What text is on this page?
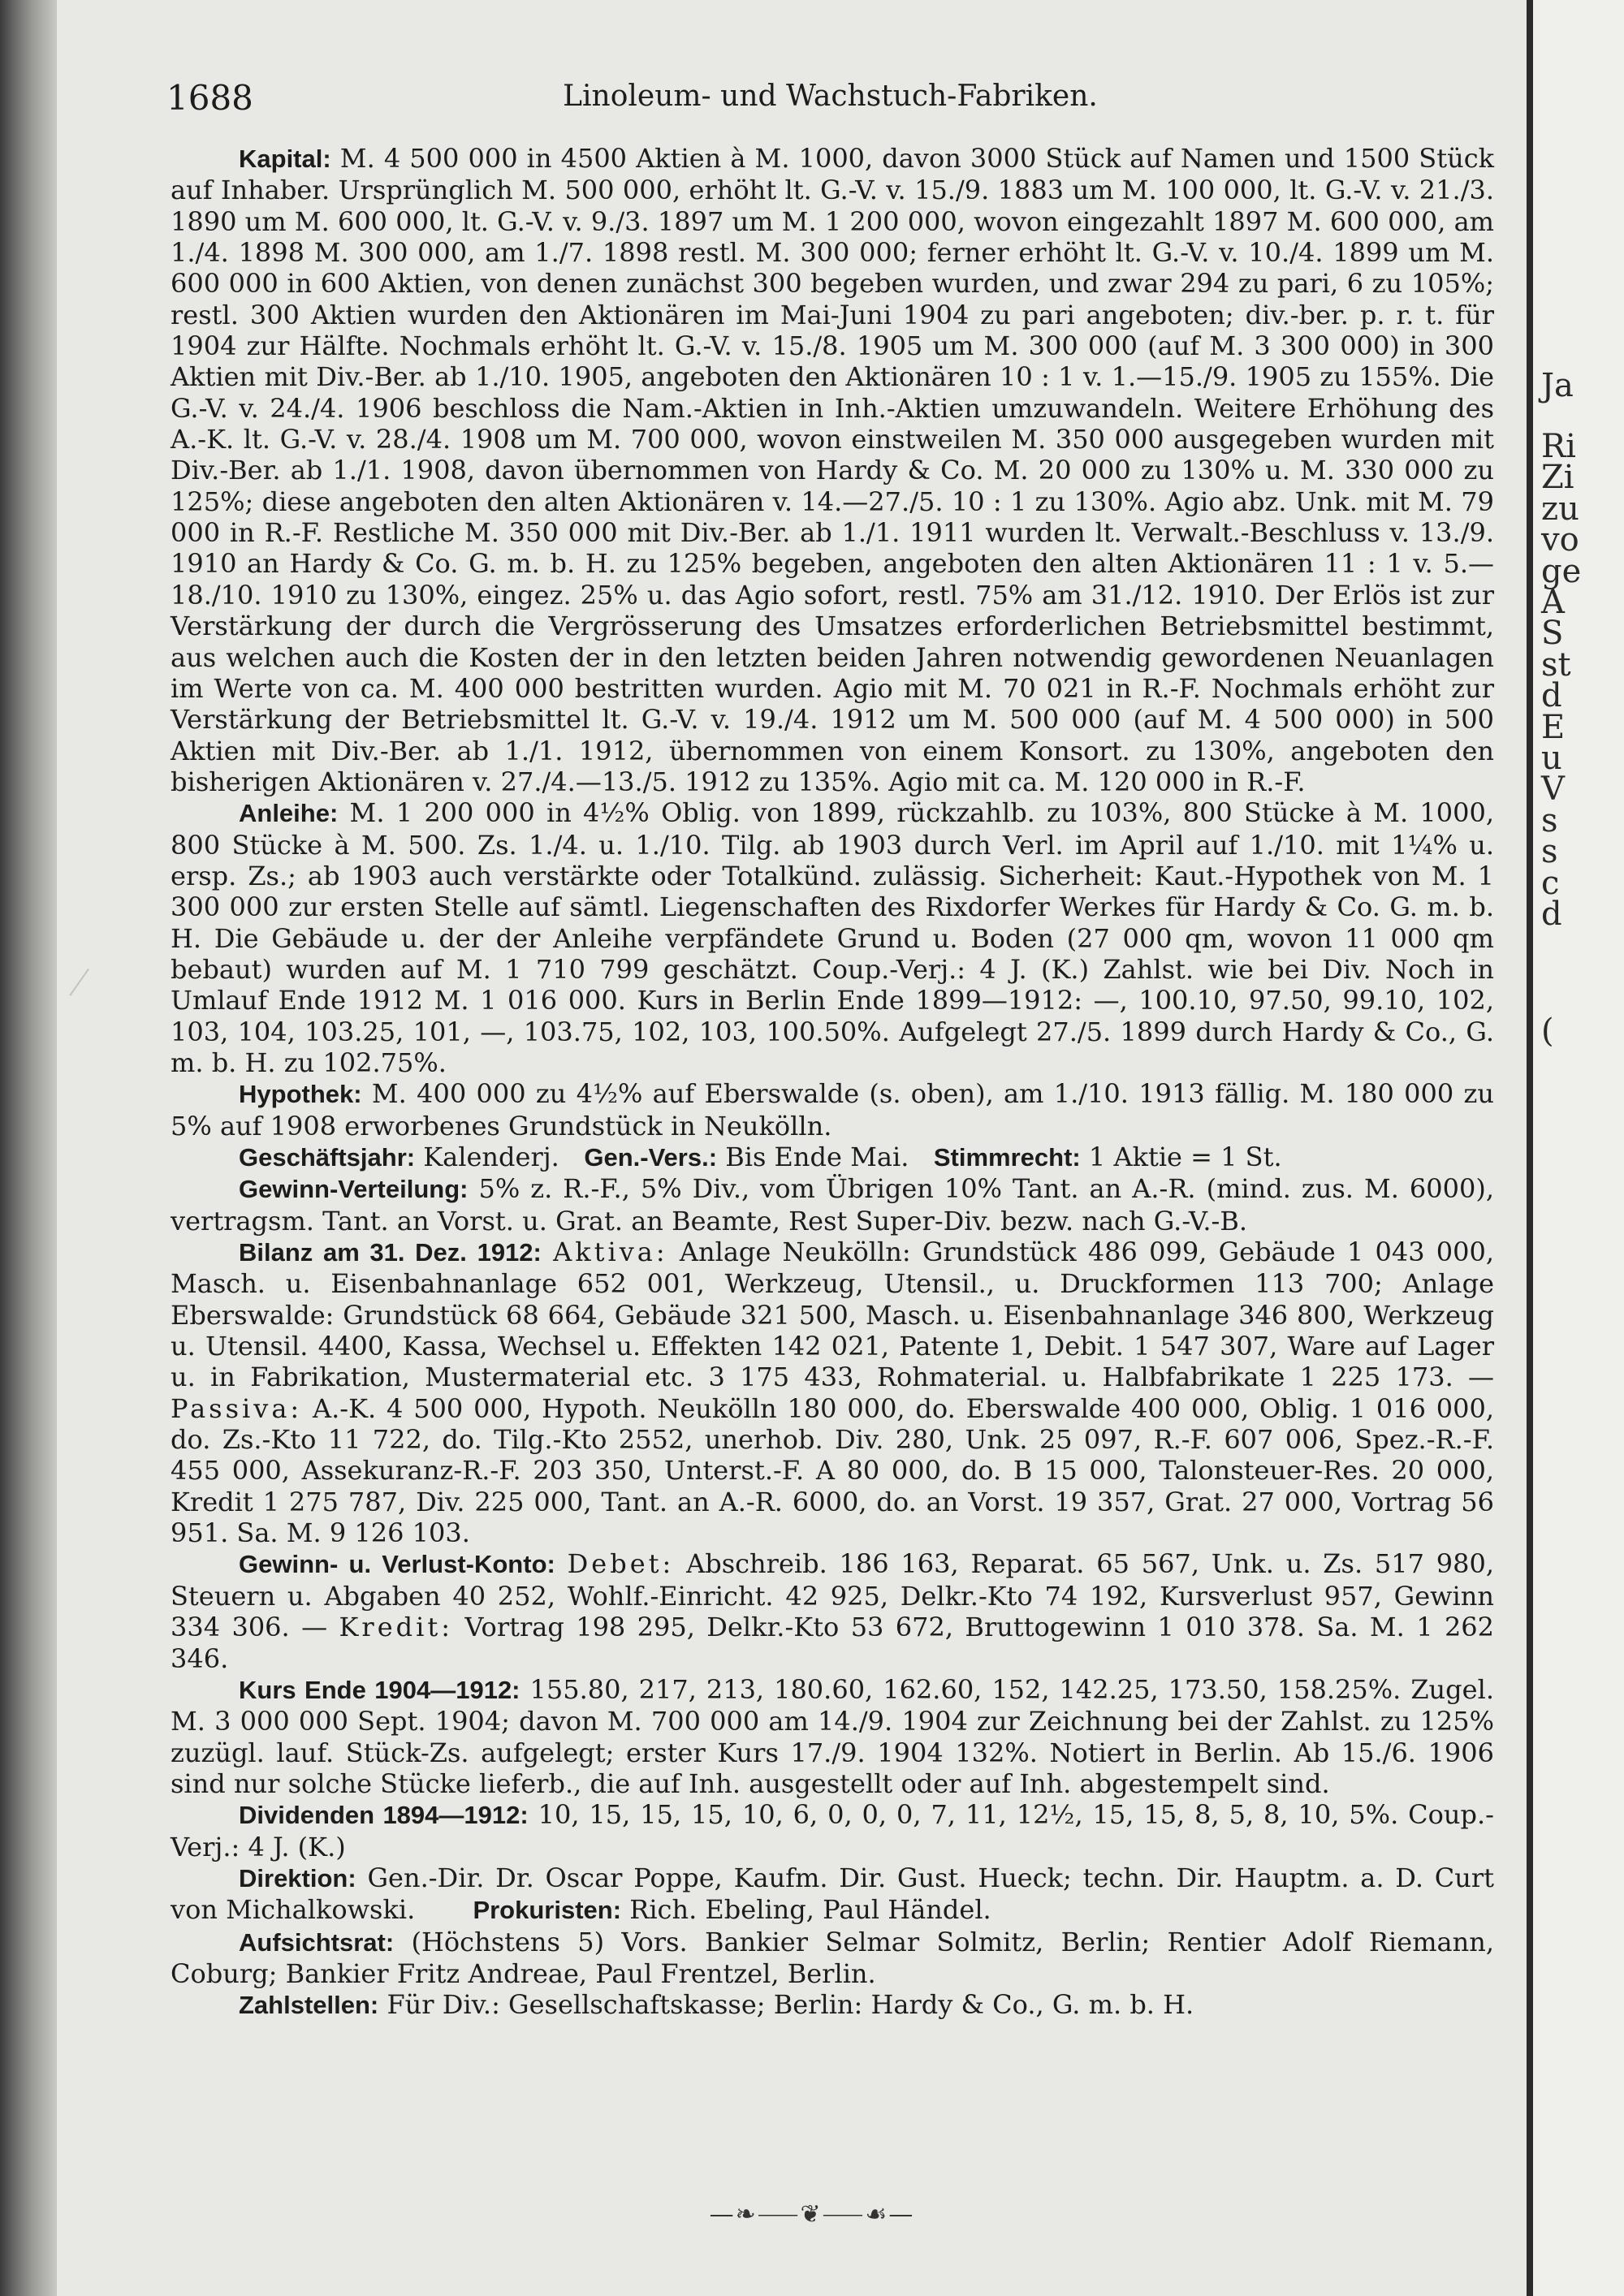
Ja
Ri
Zi
zu
vo
ge
A
S
st
d
E
u
V
s
s
c
d
(
1688	Linoleum- und Wachstuch-Fabriken.

Kapital: M. 4 500 000 in 4500 Aktien à M. 1000, davon 3000 Stück auf Namen und 1500 Stück auf Inhaber. Ursprünglich M. 500 000, erhöht lt. G.-V. v. 15./9. 1883 um M. 100 000, lt. G.-V. v. 21./3. 1890 um M. 600 000, lt. G.-V. v. 9./3. 1897 um M. 1 200 000, wovon eingezahlt 1897 M. 600 000, am 1./4. 1898 M. 300 000, am 1./7. 1898 restl. M. 300 000; ferner erhöht lt. G.-V. v. 10./4. 1899 um M. 600 000 in 600 Aktien, von denen zunächst 300 begeben wurden, und zwar 294 zu pari, 6 zu 105%; restl. 300 Aktien wurden den Aktionären im Mai-Juni 1904 zu pari angeboten; div.-ber. p. r. t. für 1904 zur Hälfte. Nochmals erhöht lt. G.-V. v. 15./8. 1905 um M. 300 000 (auf M. 3 300 000) in 300 Aktien mit Div.-Ber. ab 1./10. 1905, angeboten den Aktionären 10 : 1 v. 1.—15./9. 1905 zu 155%. Die G.-V. v. 24./4. 1906 beschloss die Nam.-Aktien in Inh.-Aktien umzuwandeln. Weitere Erhöhung des A.-K. lt. G.-V. v. 28./4. 1908 um M. 700 000, wovon einstweilen M. 350 000 ausgegeben wurden mit Div.-Ber. ab 1./1. 1908, davon übernommen von Hardy & Co. M. 20 000 zu 130% u. M. 330 000 zu 125%; diese angeboten den alten Aktionären v. 14.—27./5. 10 : 1 zu 130%. Agio abz. Unk. mit M. 79 000 in R.-F. Restliche M. 350 000 mit Div.-Ber. ab 1./1. 1911 wurden lt. Verwalt.-Beschluss v. 13./9. 1910 an Hardy & Co. G. m. b. H. zu 125% begeben, angeboten den alten Aktionären 11 : 1 v. 5.—18./10. 1910 zu 130%, eingez. 25% u. das Agio sofort, restl. 75% am 31./12. 1910. Der Erlös ist zur Verstärkung der durch die Vergrösserung des Umsatzes erforderlichen Betriebsmittel bestimmt, aus welchen auch die Kosten der in den letzten beiden Jahren notwendig gewordenen Neuanlagen im Werte von ca. M. 400 000 bestritten wurden. Agio mit M. 70 021 in R.-F. Nochmals erhöht zur Verstärkung der Betriebsmittel lt. G.-V. v. 19./4. 1912 um M. 500 000 (auf M. 4 500 000) in 500 Aktien mit Div.-Ber. ab 1./1. 1912, übernommen von einem Konsort. zu 130%, angeboten den bisherigen Aktionären v. 27./4.—13./5. 1912 zu 135%. Agio mit ca. M. 120 000 in R.-F.

Anleihe: M. 1 200 000 in 4½% Oblig. von 1899, rückzahlb. zu 103%, 800 Stücke à M. 1000, 800 Stücke à M. 500. Zs. 1./4. u. 1./10. Tilg. ab 1903 durch Verl. im April auf 1./10. mit 1¼% u. ersp. Zs.; ab 1903 auch verstärkte oder Totalkünd. zulässig. Sicherheit: Kaut.-Hypothek von M. 1 300 000 zur ersten Stelle auf sämtl. Liegenschaften des Rixdorfer Werkes für Hardy & Co. G. m. b. H. Die Gebäude u. der der Anleihe verpfändete Grund u. Boden (27 000 qm, wovon 11 000 qm bebaut) wurden auf M. 1 710 799 geschätzt. Coup.-Verj.: 4 J. (K.) Zahlst. wie bei Div. Noch in Umlauf Ende 1912 M. 1 016 000. Kurs in Berlin Ende 1899—1912: —, 100.10, 97.50, 99.10, 102, 103, 104, 103.25, 101, —, 103.75, 102, 103, 100.50%. Aufgelegt 27./5. 1899 durch Hardy & Co., G. m. b. H. zu 102.75%.

Hypothek: M. 400 000 zu 4½% auf Eberswalde (s. oben), am 1./10. 1913 fällig. M. 180 000 zu 5% auf 1908 erworbenes Grundstück in Neukölln.

Geschäftsjahr: Kalenderj. Gen.-Vers.: Bis Ende Mai. Stimmrecht: 1 Aktie = 1 St.

Gewinn-Verteilung: 5% z. R.-F., 5% Div., vom Übrigen 10% Tant. an A.-R. (mind. zus. M. 6000), vertragsm. Tant. an Vorst. u. Grat. an Beamte, Rest Super-Div. bezw. nach G.-V.-B.

Bilanz am 31. Dez. 1912: Aktiva: Anlage Neukölln: Grundstück 486 099, Gebäude 1 043 000, Masch. u. Eisenbahnanlage 652 001, Werkzeug, Utensil., u. Druckformen 113 700; Anlage Eberswalde: Grundstück 68 664, Gebäude 321 500, Masch. u. Eisenbahnanlage 346 800, Werkzeug u. Utensil. 4400, Kassa, Wechsel u. Effekten 142 021, Patente 1, Debit. 1 547 307, Ware auf Lager u. in Fabrikation, Mustermaterial etc. 3 175 433, Rohmaterial. u. Halbfabrikate 1 225 173. — Passiva: A.-K. 4 500 000, Hypoth. Neukölln 180 000, do. Eberswalde 400 000, Oblig. 1 016 000, do. Zs.-Kto 11 722, do. Tilg.-Kto 2552, unerhob. Div. 280, Unk. 25 097, R.-F. 607 006, Spez.-R.-F. 455 000, Assekuranz-R.-F. 203 350, Unterst.-F. A 80 000, do. B 15 000, Talonsteuer-Res. 20 000, Kredit 1 275 787, Div. 225 000, Tant. an A.-R. 6000, do. an Vorst. 19 357, Grat. 27 000, Vortrag 56 951. Sa. M. 9 126 103.

Gewinn- u. Verlust-Konto: Debet: Abschreib. 186 163, Reparat. 65 567, Unk. u. Zs. 517 980, Steuern u. Abgaben 40 252, Wohlf.-Einricht. 42 925, Delkr.-Kto 74 192, Kursverlust 957, Gewinn 334 306. — Kredit: Vortrag 198 295, Delkr.-Kto 53 672, Bruttogewinn 1 010 378. Sa. M. 1 262 346.

Kurs Ende 1904—1912: 155.80, 217, 213, 180.60, 162.60, 152, 142.25, 173.50, 158.25%. Zugel. M. 3 000 000 Sept. 1904; davon M. 700 000 am 14./9. 1904 zur Zeichnung bei der Zahlst. zu 125% zuzügl. lauf. Stück-Zs. aufgelegt; erster Kurs 17./9. 1904 132%. Notiert in Berlin. Ab 15./6. 1906 sind nur solche Stücke lieferb., die auf Inh. ausgestellt oder auf Inh. abgestempelt sind.

Dividenden 1894—1912: 10, 15, 15, 15, 10, 6, 0, 0, 0, 7, 11, 12½, 15, 15, 8, 5, 8, 10, 5%. Coup.-Verj.: 4 J. (K.)

Direktion: Gen.-Dir. Dr. Oscar Poppe, Kaufm. Dir. Gust. Hueck; techn. Dir. Hauptm. a. D. Curt von Michalkowski. Prokuristen: Rich. Ebeling, Paul Händel.

Aufsichtsrat: (Höchstens 5) Vors. Bankier Selmar Solmitz, Berlin; Rentier Adolf Riemann, Coburg; Bankier Fritz Andreae, Paul Frentzel, Berlin.

Zahlstellen: Für Div.: Gesellschaftskasse; Berlin: Hardy & Co., G. m. b. H.

—❧⸺❦⸺☙—
